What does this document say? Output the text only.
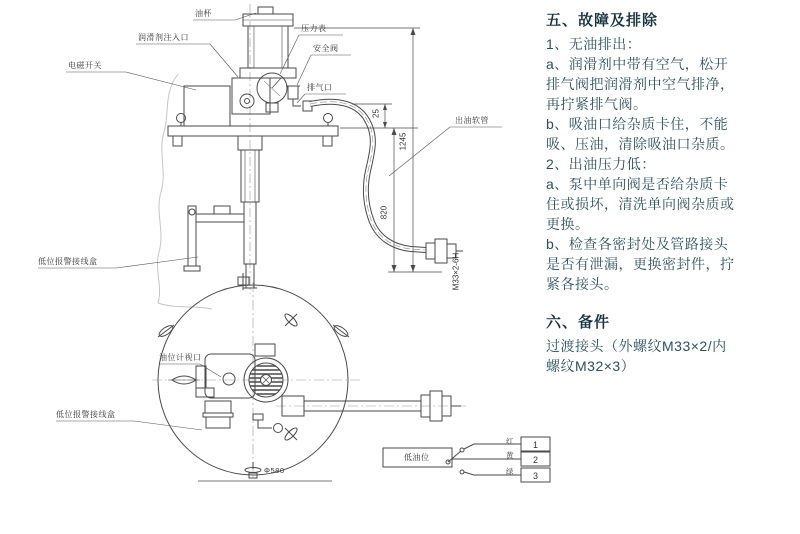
油杯
润滑剂注入口
电磁开关
压力表
安全阀
排气口
出油软管
低位报警接线盒
油位计视口
低位报警接线盒
Φ580
25
1245
820
M33×2-6H
低油位
红
黄
绿
1
2
3
五、故障及排除
1、无油排出：
a、润滑剂中带有空气，松开
排气阀把润滑剂中空气排净，
再拧紧排气阀。
b、吸油口给杂质卡住，不能
吸、压油，清除吸油口杂质。
2、出油压力低：
a、泵中单向阀是否给杂质卡
住或损坏，清洗单向阀杂质或
更换。
b、检查各密封处及管路接头
是否有泄漏，更换密封件，拧
紧各接头。
六、备件
过渡接头（外螺纹M33×2/内
螺纹M32×3）
